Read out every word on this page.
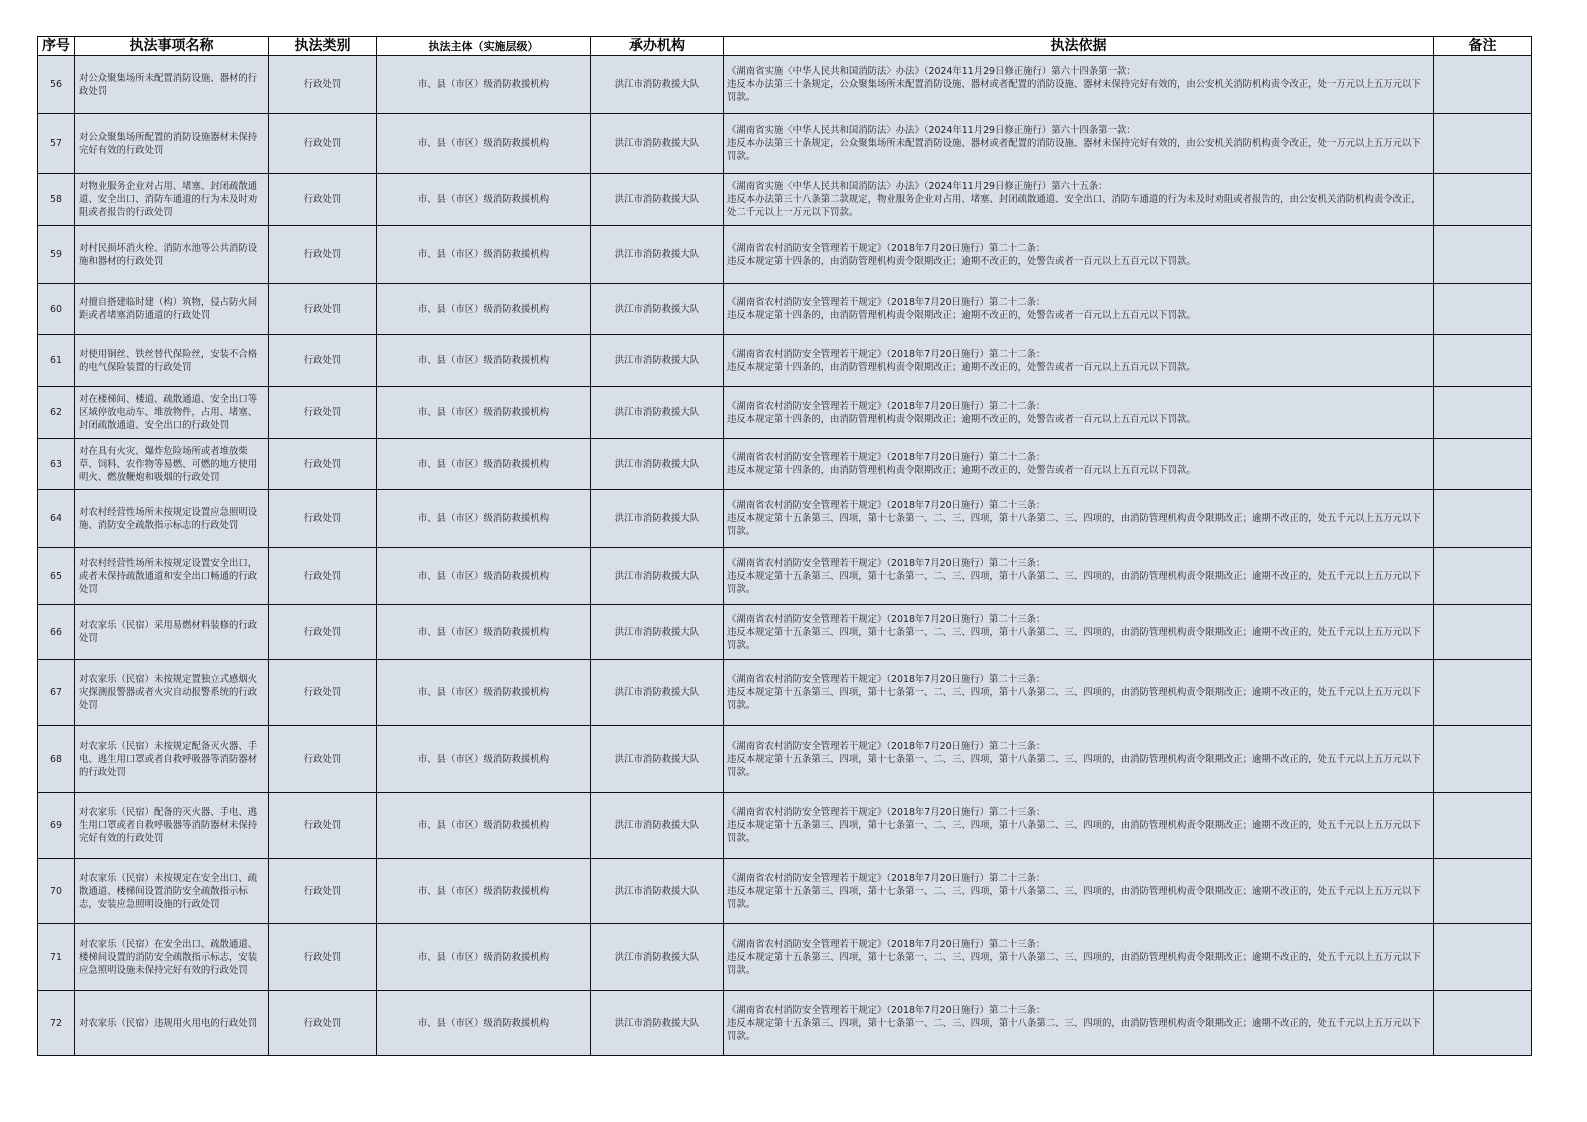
序号	执法事项名称	执法类别	执法主体（实施层级）	承办机构	执法依据	备注
56	对公众聚集场所未配置消防设施、器材的行政处罚	行政处罚	市、县（市区）级消防救援机构	洪江市消防救援大队	《湖南省实施〈中华人民共和国消防法〉办法》（2024年11月29日修正施行）第六十四条第一款：
违反本办法第三十条规定，公众聚集场所未配置消防设施、器材或者配置的消防设施、器材未保持完好有效的，由公安机关消防机构责令改正，处一万元以上五万元以下罚款。	

57	对公众聚集场所配置的消防设施器材未保持完好有效的行政处罚	行政处罚	市、县（市区）级消防救援机构	洪江市消防救援大队	《湖南省实施〈中华人民共和国消防法〉办法》（2024年11月29日修正施行）第六十四条第一款：
违反本办法第三十条规定，公众聚集场所未配置消防设施、器材或者配置的消防设施、器材未保持完好有效的，由公安机关消防机构责令改正，处一万元以上五万元以下罚款。	

58	对物业服务企业对占用、堵塞、封闭疏散通道、安全出口、消防车通道的行为未及时劝阻或者报告的行政处罚	行政处罚	市、县（市区）级消防救援机构	洪江市消防救援大队	《湖南省实施〈中华人民共和国消防法〉办法》（2024年11月29日修正施行）第六十五条：
违反本办法第三十八条第二款规定，物业服务企业对占用、堵塞、封闭疏散通道、安全出口、消防车通道的行为未及时劝阻或者报告的，由公安机关消防机构责令改正，处二千元以上一万元以下罚款。	

59	对村民损坏消火栓、消防水池等公共消防设施和器材的行政处罚	行政处罚	市、县（市区）级消防救援机构	洪江市消防救援大队	《湖南省农村消防安全管理若干规定》（2018年7月20日施行）第二十二条：
违反本规定第十四条的，由消防管理机构责令限期改正；逾期不改正的，处警告或者一百元以上五百元以下罚款。	

60	对擅自搭建临时建（构）筑物，侵占防火间距或者堵塞消防通道的行政处罚	行政处罚	市、县（市区）级消防救援机构	洪江市消防救援大队	《湖南省农村消防安全管理若干规定》（2018年7月20日施行）第二十二条：
违反本规定第十四条的，由消防管理机构责令限期改正；逾期不改正的，处警告或者一百元以上五百元以下罚款。	

61	对使用铜丝、铁丝替代保险丝，安装不合格的电气保险装置的行政处罚	行政处罚	市、县（市区）级消防救援机构	洪江市消防救援大队	《湖南省农村消防安全管理若干规定》（2018年7月20日施行）第二十二条：
违反本规定第十四条的，由消防管理机构责令限期改正；逾期不改正的，处警告或者一百元以上五百元以下罚款。	

62	对在楼梯间、楼道、疏散通道、安全出口等区域停放电动车、堆放物件，占用、堵塞、封闭疏散通道、安全出口的行政处罚	行政处罚	市、县（市区）级消防救援机构	洪江市消防救援大队	《湖南省农村消防安全管理若干规定》（2018年7月20日施行）第二十二条：
违反本规定第十四条的，由消防管理机构责令限期改正；逾期不改正的，处警告或者一百元以上五百元以下罚款。	

63	对在具有火灾、爆炸危险场所或者堆放柴草、饲料、农作物等易燃、可燃的地方使用明火、燃放鞭炮和吸烟的行政处罚	行政处罚	市、县（市区）级消防救援机构	洪江市消防救援大队	《湖南省农村消防安全管理若干规定》（2018年7月20日施行）第二十二条：
违反本规定第十四条的，由消防管理机构责令限期改正；逾期不改正的，处警告或者一百元以上五百元以下罚款。	

64	对农村经营性场所未按规定设置应急照明设施、消防安全疏散指示标志的行政处罚	行政处罚	市、县（市区）级消防救援机构	洪江市消防救援大队	《湖南省农村消防安全管理若干规定》（2018年7月20日施行）第二十三条：
违反本规定第十五条第三、四项，第十七条第一、二、三、四项，第十八条第二、三、四项的，由消防管理机构责令限期改正；逾期不改正的，处五千元以上五万元以下罚款。	

65	对农村经营性场所未按规定设置安全出口，或者未保持疏散通道和安全出口畅通的行政处罚	行政处罚	市、县（市区）级消防救援机构	洪江市消防救援大队	《湖南省农村消防安全管理若干规定》（2018年7月20日施行）第二十三条：
违反本规定第十五条第三、四项，第十七条第一、二、三、四项，第十八条第二、三、四项的，由消防管理机构责令限期改正；逾期不改正的，处五千元以上五万元以下罚款。	

66	对农家乐（民宿）采用易燃材料装修的行政处罚	行政处罚	市、县（市区）级消防救援机构	洪江市消防救援大队	《湖南省农村消防安全管理若干规定》（2018年7月20日施行）第二十三条：
违反本规定第十五条第三、四项，第十七条第一、二、三、四项，第十八条第二、三、四项的，由消防管理机构责令限期改正；逾期不改正的，处五千元以上五万元以下罚款。	

67	对农家乐（民宿）未按规定置独立式感烟火灾探测报警器或者火灾自动报警系统的行政处罚	行政处罚	市、县（市区）级消防救援机构	洪江市消防救援大队	《湖南省农村消防安全管理若干规定》（2018年7月20日施行）第二十三条：
违反本规定第十五条第三、四项，第十七条第一、二、三、四项，第十八条第二、三、四项的，由消防管理机构责令限期改正；逾期不改正的，处五千元以上五万元以下罚款。	

68	对农家乐（民宿）未按规定配备灭火器、手电、逃生用口罩或者自救呼吸器等消防器材的行政处罚	行政处罚	市、县（市区）级消防救援机构	洪江市消防救援大队	《湖南省农村消防安全管理若干规定》（2018年7月20日施行）第二十三条：
违反本规定第十五条第三、四项，第十七条第一、二、三、四项，第十八条第二、三、四项的，由消防管理机构责令限期改正；逾期不改正的，处五千元以上五万元以下罚款。	

69	对农家乐（民宿）配备的灭火器、手电、逃生用口罩或者自救呼吸器等消防器材未保持完好有效的行政处罚	行政处罚	市、县（市区）级消防救援机构	洪江市消防救援大队	《湖南省农村消防安全管理若干规定》（2018年7月20日施行）第二十三条：
违反本规定第十五条第三、四项，第十七条第一、二、三、四项，第十八条第二、三、四项的，由消防管理机构责令限期改正；逾期不改正的，处五千元以上五万元以下罚款。	

70	对农家乐（民宿）未按规定在安全出口、疏散通道、楼梯间设置消防安全疏散指示标志，安装应急照明设施的行政处罚	行政处罚	市、县（市区）级消防救援机构	洪江市消防救援大队	《湖南省农村消防安全管理若干规定》（2018年7月20日施行）第二十三条：
违反本规定第十五条第三、四项，第十七条第一、二、三、四项，第十八条第二、三、四项的，由消防管理机构责令限期改正；逾期不改正的，处五千元以上五万元以下罚款。	

71	对农家乐（民宿）在安全出口、疏散通道、楼梯间设置的消防安全疏散指示标志，安装应急照明设施未保持完好有效的行政处罚	行政处罚	市、县（市区）级消防救援机构	洪江市消防救援大队	《湖南省农村消防安全管理若干规定》（2018年7月20日施行）第二十三条：
违反本规定第十五条第三、四项，第十七条第一、二、三、四项，第十八条第二、三、四项的，由消防管理机构责令限期改正；逾期不改正的，处五千元以上五万元以下罚款。	

72	对农家乐（民宿）违规用火用电的行政处罚	行政处罚	市、县（市区）级消防救援机构	洪江市消防救援大队	《湖南省农村消防安全管理若干规定》（2018年7月20日施行）第二十三条：
违反本规定第十五条第三、四项，第十七条第一、二、三、四项，第十八条第二、三、四项的，由消防管理机构责令限期改正；逾期不改正的，处五千元以上五万元以下罚款。	
